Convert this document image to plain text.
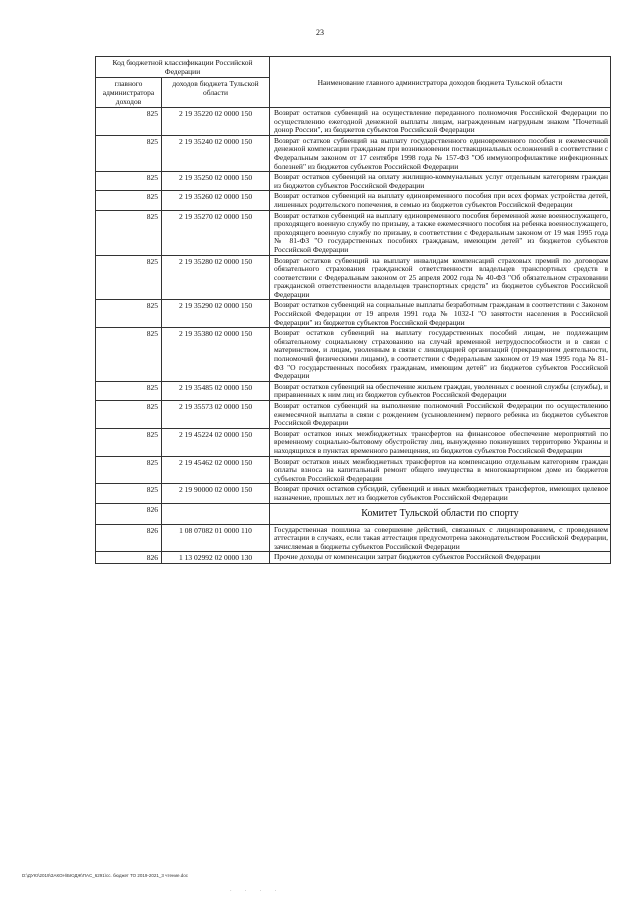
23
Код бюджетной классификации Российской Федерации		Наименование главного администратора доходов бюджета Тульской области
главного администратора доходов	доходов бюджета Тульской области	
825	2 19 35220 02 0000 150	Возврат остатков субвенций на осуществление переданного полномочия Российской Федерации по осуществлению ежегодной денежной выплаты лицам, награжденным нагрудным знаком "Почетный донор России", из бюджетов субъектов Российской Федерации
825	2 19 35240 02 0000 150	Возврат остатков субвенций на выплату государственного единовременного пособия и ежемесячной денежной компенсации гражданам при возникновении поствакцинальных осложнений в соответствии с Федеральным законом от 17 сентября 1998 года № 157-ФЗ "Об иммунопрофилактике инфекционных болезней" из бюджетов субъектов Российской Федерации
825	2 19 35250 02 0000 150	Возврат остатков субвенций на оплату жилищно-коммунальных услуг отдельным категориям граждан из бюджетов субъектов Российской Федерации
825	2 19 35260 02 0000 150	Возврат остатков субвенций на выплату единовременного пособия при всех формах устройства детей, лишенных родительского попечения, в семью из бюджетов субъектов Российской Федерации
825	2 19 35270 02 0000 150	Возврат остатков субвенций на выплату единовременного пособия беременной жене военнослужащего, проходящего военную службу по призыву, а также ежемесячного пособия на ребенка военнослужащего, проходящего военную службу по призыву, в соответствии с Федеральным законом от 19 мая 1995 года № 81-ФЗ "О государственных пособиях гражданам, имеющим детей" из бюджетов субъектов Российской Федерации
825	2 19 35280 02 0000 150	Возврат остатков субвенций на выплату инвалидам компенсаций страховых премий по договорам обязательного страхования гражданской ответственности владельцев транспортных средств в соответствии с Федеральным законом от 25 апреля 2002 года № 40-ФЗ "Об обязательном страховании гражданской ответственности владельцев транспортных средств" из бюджетов субъектов Российской Федерации
825	2 19 35290 02 0000 150	Возврат остатков субвенций на социальные выплаты безработным гражданам в соответствии с Законом Российской Федерации от 19 апреля 1991 года № 1032-I "О занятости населения в Российской Федерации" из бюджетов субъектов Российской Федерации
825	2 19 35380 02 0000 150	Возврат остатков субвенций на выплату государственных пособий лицам, не подлежащим обязательному социальному страхованию на случай временной нетрудоспособности и в связи с материнством, и лицам, уволенным в связи с ликвидацией организаций (прекращением деятельности, полномочий физическими лицами), в соответствии с Федеральным законом от 19 мая 1995 года № 81-ФЗ "О государственных пособиях гражданам, имеющим детей" из бюджетов субъектов Российской Федерации
825	2 19 35485 02 0000 150	Возврат остатков субвенций на обеспечение жильем граждан, уволенных с военной службы (службы), и приравненных к ним лиц из бюджетов субъектов Российской Федерации
825	2 19 35573 02 0000 150	Возврат остатков субвенций на выполнение полномочий Российской Федерации по осуществлению ежемесячной выплаты в связи с рождением (усыновлением) первого ребенка из бюджетов субъектов Российской Федерации
825	2 19 45224 02 0000 150	Возврат остатков иных межбюджетных трансфертов на финансовое обеспечение мероприятий по временному социально-бытовому обустройству лиц, вынужденно покинувших территорию Украины и находящихся в пунктах временного размещения, из бюджетов субъектов Российской Федерации
825	2 19 45462 02 0000 150	Возврат остатков иных межбюджетных трансфертов на компенсацию отдельным категориям граждан оплаты взноса на капитальный ремонт общего имущества в многоквартирном доме из бюджетов субъектов Российской Федерации
825	2 19 90000 02 0000 150	Возврат прочих остатков субсидий, субвенций и иных межбюджетных трансфертов, имеющих целевое назначение, прошлых лет из бюджетов субъектов Российской Федерации
826		Комитет Тульской области по спорту
826	1 08 07082 01 0000 110	Государственная пошлина за совершение действий, связанных с лицензированием, с проведением аттестации в случаях, если такая аттестация предусмотрена законодательством Российской Федерации, зачисляемая в бюджеты субъектов Российской Федерации
826	1 13 02992 02 0000 130	Прочие доходы от компенсации затрат бюджетов субъектов Российской Федерации
D:\ДУЮ\2019\ЗАКОН\БЮДЖ\ПАС_6291\cc. бюджет ТО 2019-2021_3 чтение.doc
· · · ·
